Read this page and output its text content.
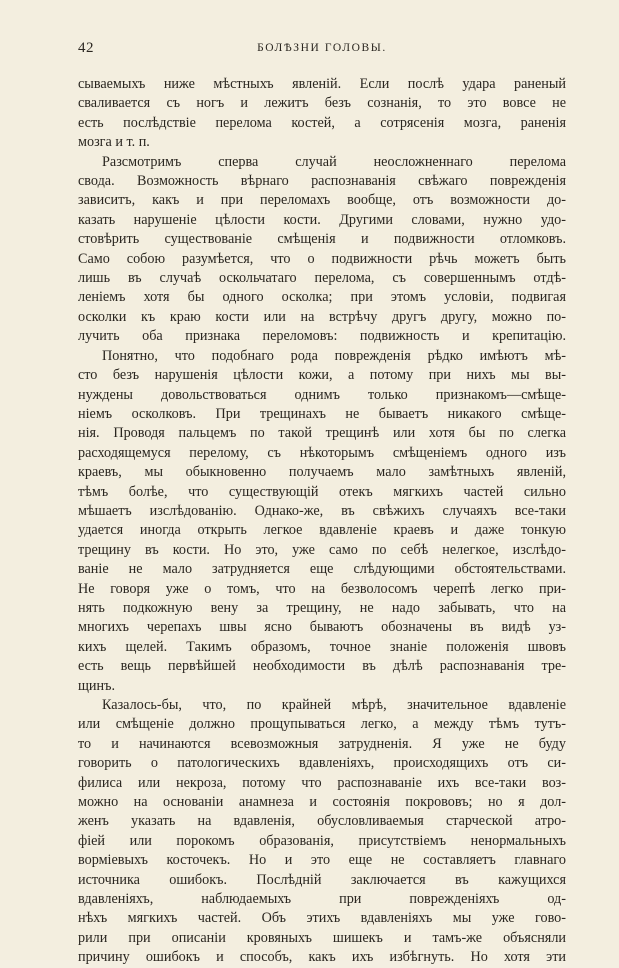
42	БОЛѢЗНИ ГОЛОВЫ.
сываемыхъ ниже мѣстныхъ явленій. Если послѣ удара раненый
сваливается съ ногъ и лежитъ безъ сознанія, то это вовсе не
есть послѣдствіе перелома костей, а сотрясенія мозга, раненія
мозга и т. п.
Разсмотримъ сперва случай неосложненнаго перелома
свода. Возможность вѣрнаго распознаванія свѣжаго поврежденія
зависитъ, какъ и при переломахъ вообще, отъ возможности до-
казать нарушеніе цѣлости кости. Другими словами, нужно удо-
стовѣрить существованіе смѣщенія и подвижности отломковъ.
Само собою разумѣется, что о подвижности рѣчь можетъ быть
лишь въ случаѣ оскольчатаго перелома, съ совершеннымъ отдѣ-
леніемъ хотя бы одного осколка; при этомъ условіи, подвигая
осколки къ краю кости или на встрѣчу другъ другу, можно по-
лучить оба признака переломовъ: подвижность и крепитацію.
Понятно, что подобнаго рода поврежденія рѣдко имѣютъ мѣ-
сто безъ нарушенія цѣлости кожи, а потому при нихъ мы вы-
нуждены довольствоваться однимъ только признакомъ—смѣще-
ніемъ осколковъ. При трещинахъ не бываетъ никакого смѣще-
нія. Проводя пальцемъ по такой трещинѣ или хотя бы по слегка
расходящемуся перелому, съ нѣкоторымъ смѣщеніемъ одного изъ
краевъ, мы обыкновенно получаемъ мало замѣтныхъ явленій,
тѣмъ болѣе, что существующій отекъ мягкихъ частей сильно
мѣшаетъ изслѣдованію. Однако-же, въ свѣжихъ случаяхъ все-таки
удается иногда открыть легкое вдавленіе краевъ и даже тонкую
трещину въ кости. Но это, уже само по себѣ нелегкое, изслѣдо-
ваніе не мало затрудняется еще слѣдующими обстоятельствами.
Не говоря уже о томъ, что на безволосомъ черепѣ легко при-
нять подкожную вену за трещину, не надо забывать, что на
многихъ черепахъ швы ясно бываютъ обозначены въ видѣ уз-
кихъ щелей. Такимъ образомъ, точное знаніе положенія швовъ
есть вещь первѣйшей необходимости въ дѣлѣ распознаванія тре-
щинъ.
Казалось-бы, что, по крайней мѣрѣ, значительное вдавленіе
или смѣщеніе должно прощупываться легко, а между тѣмъ тутъ-
то и начинаются всевозможныя затрудненія. Я уже не буду
говорить о патологическихъ вдавленіяхъ, происходящихъ отъ си-
филиса или некроза, потому что распознаваніе ихъ все-таки воз-
можно на основаніи анамнеза и состоянія покрововъ; но я дол-
женъ указать на вдавленія, обусловливаемыя старческой атро-
фіей или порокомъ образованія, присутствіемъ ненормальныхъ
ворміевыхъ косточекъ. Но и это еще не составляетъ главнаго
источника ошибокъ. Послѣдній заключается въ кажущихся
вдавленіяхъ, наблюдаемыхъ при поврежденіяхъ од-
нѣхъ мягкихъ частей. Объ этихъ вдавленіяхъ мы уже гово-
рили при описаніи кровяныхъ шишекъ и тамъ-же объясняли
причину ошибокъ и способъ, какъ ихъ избѣгнуть. Но хотя эти
